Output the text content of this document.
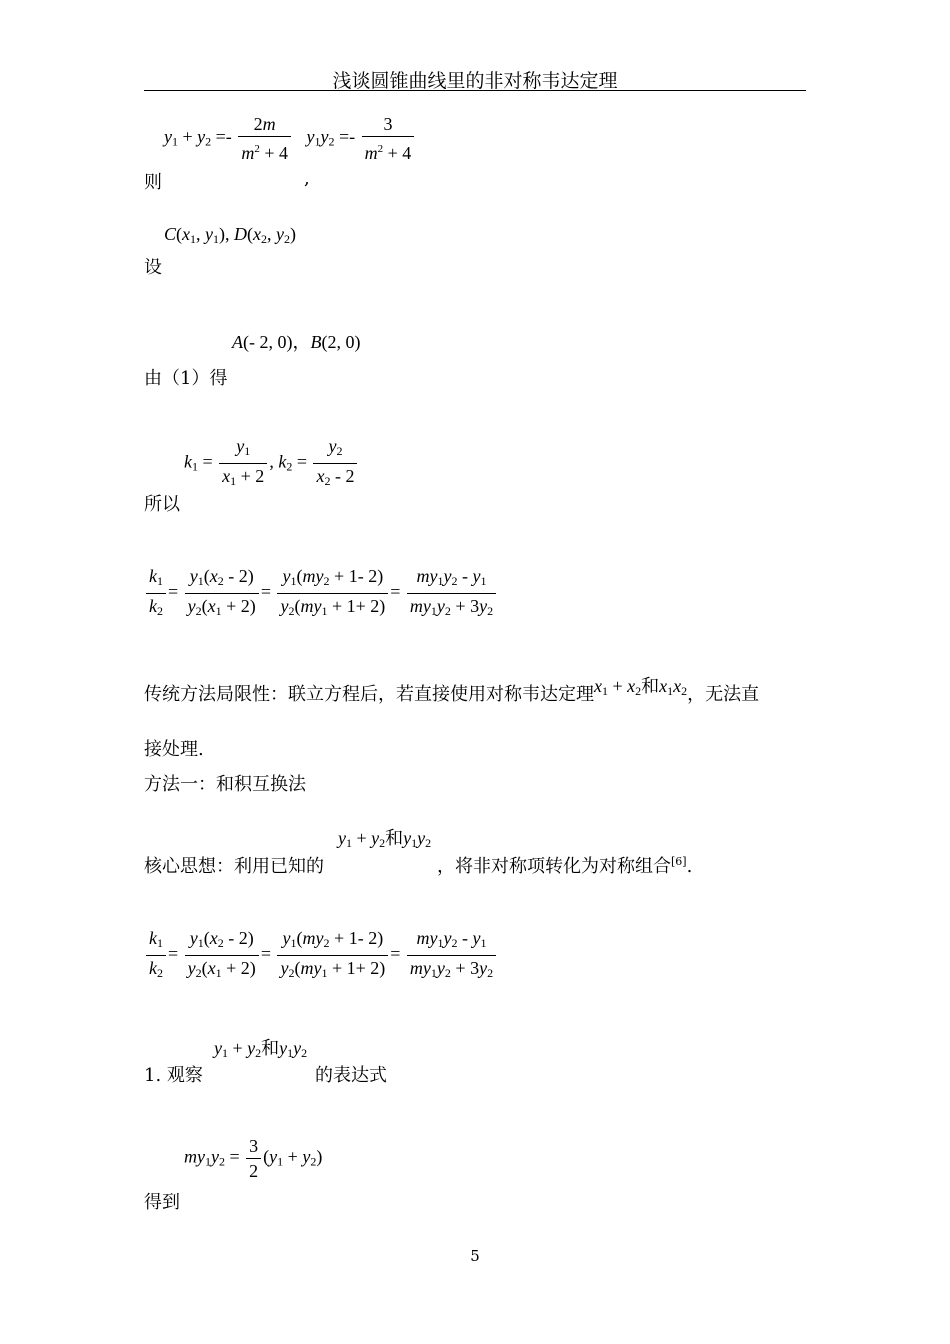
浅谈圆锥曲线里的非对称韦达定理
$y_1 + y_2 =- \frac{2m}{m^2 + 4} y_1y_2 =- \frac{3}{m^2 + 4}$
则	,
$C(x_1$, $y_1$), $D(x_2$, $y_2$)
设
A(- 2, 0)，B(2, 0)
由（1）得
$k_1 = \frac{y_1}{x_1 + 2}$ , $k_2 = \frac{y_2}{x_2 - 2}$
所以
$\frac{k_1}{k_2} = \frac{y_1(x_2 - 2)}{y_2(x_1 + 2)} = \frac{y_1(my_2 + 1- 2)}{y_2(my_1 + 1+ 2)} = \frac{my_1y_2 - y_1}{my_1y_2 + 3y_2}$
传统方法局限性：联立方程后，若直接使用对称韦达定理$x_1 + x_2$和$x_1x_2$，无法直
接处理.
方法一：和积互换法
$y_1 + y_2$和$y_1y_2$
核心思想：利用已知的	，将非对称项转化为对称组合[6].
$\frac{k_1}{k_2} = \frac{y_1(x_2 - 2)}{y_2(x_1 + 2)} = \frac{y_1(my_2 + 1- 2)}{y_2(my_1 + 1+ 2)} = \frac{my_1y_2 - y_1}{my_1y_2 + 3y_2}$
$y_1 + y_2$和$y_1y_2$
1. 观察	的表达式
$my_1y_2 = \frac{3}{2} (y_1 + y_2)$
得到
5
